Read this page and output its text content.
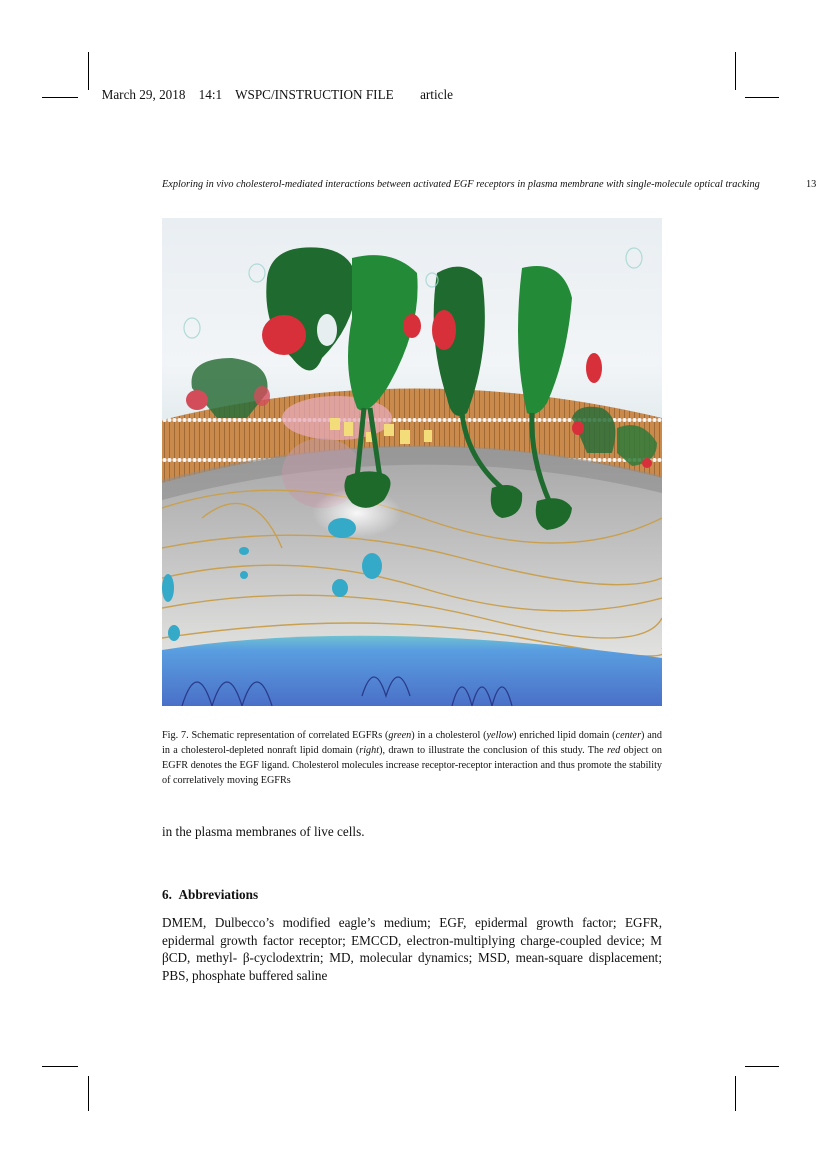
March 29, 2018 14:1 WSPC/INSTRUCTION FILE article

Exploring in vivo cholesterol-mediated interactions between activated EGF receptors in plasma membrane with single-molecule optical tracking	13
Fig. 7. Schematic representation of correlated EGFRs (green) in a cholesterol (yellow) enriched lipid domain (center) and in a cholesterol-depleted nonraft lipid domain (right), drawn to illustrate the conclusion of this study. The red object on EGFR denotes the EGF ligand. Cholesterol molecules increase receptor-receptor interaction and thus promote the stability of correlatively moving EGFRs
in the plasma membranes of live cells.
6. Abbreviations
DMEM, Dulbecco’s modified eagle’s medium; EGF, epidermal growth factor; EGFR, epidermal growth factor receptor; EMCCD, electron-multiplying charge-coupled device; M βCD, methyl- β-cyclodextrin; MD, molecular dynamics; MSD, mean-square displacement; PBS, phosphate buffered saline
